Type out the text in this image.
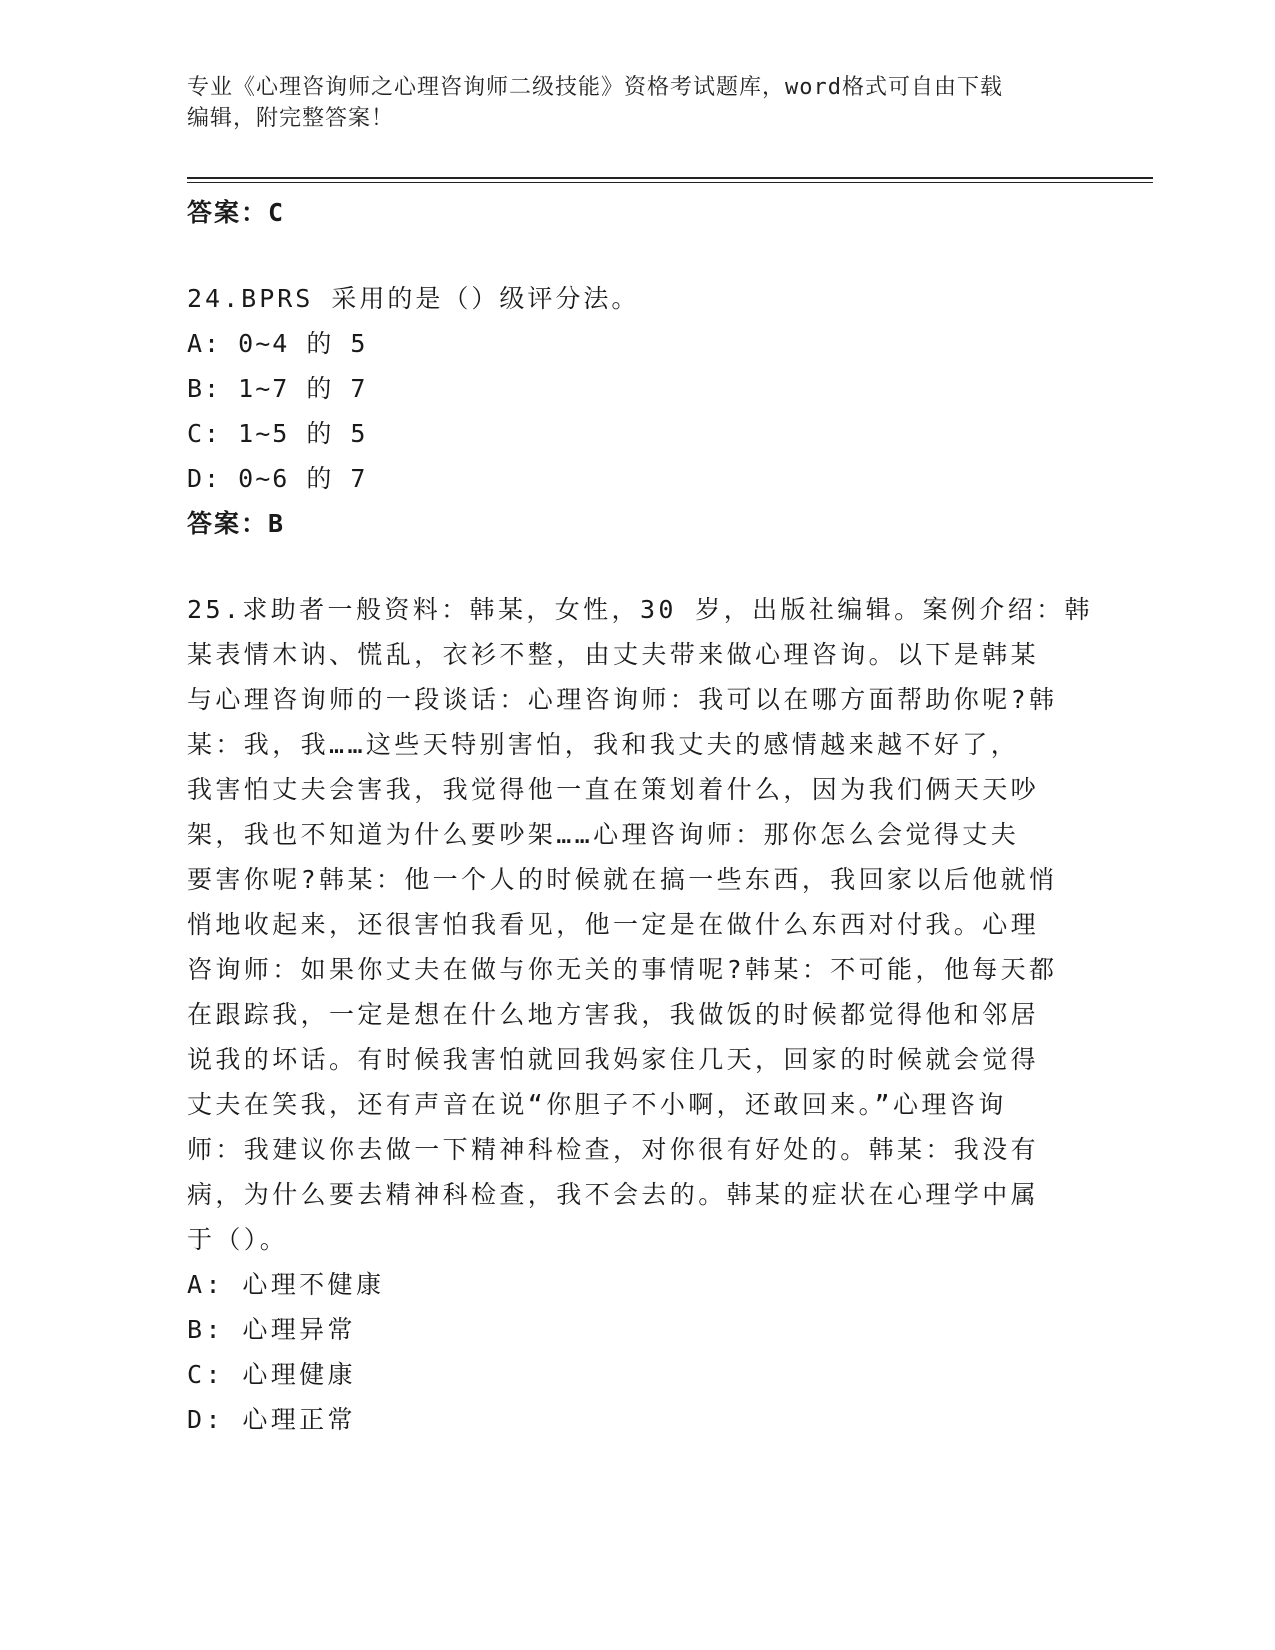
专业《心理咨询师之心理咨询师二级技能》资格考试题库，word格式可自由下载
编辑，附完整答案！
答案：C
24.BPRS 采用的是（）级评分法。
A: 0~4 的 5
B: 1~7 的 7
C: 1~5 的 5
D: 0~6 的 7
答案：B
25.求助者一般资料：韩某，女性，30 岁，出版社编辑。案例介绍：韩
某表情木讷、慌乱，衣衫不整，由丈夫带来做心理咨询。以下是韩某
与心理咨询师的一段谈话：心理咨询师：我可以在哪方面帮助你呢?韩
某：我，我……这些天特别害怕，我和我丈夫的感情越来越不好了，
我害怕丈夫会害我，我觉得他一直在策划着什么，因为我们俩天天吵
架，我也不知道为什么要吵架……心理咨询师：那你怎么会觉得丈夫
要害你呢?韩某：他一个人的时候就在搞一些东西，我回家以后他就悄
悄地收起来，还很害怕我看见，他一定是在做什么东西对付我。心理
咨询师：如果你丈夫在做与你无关的事情呢?韩某：不可能，他每天都
在跟踪我，一定是想在什么地方害我，我做饭的时候都觉得他和邻居
说我的坏话。有时候我害怕就回我妈家住几天，回家的时候就会觉得
丈夫在笑我，还有声音在说“你胆子不小啊，还敢回来。”心理咨询
师：我建议你去做一下精神科检查，对你很有好处的。韩某：我没有
病，为什么要去精神科检查，我不会去的。韩某的症状在心理学中属
于（）。
A: 心理不健康
B: 心理异常
C: 心理健康
D: 心理正常
